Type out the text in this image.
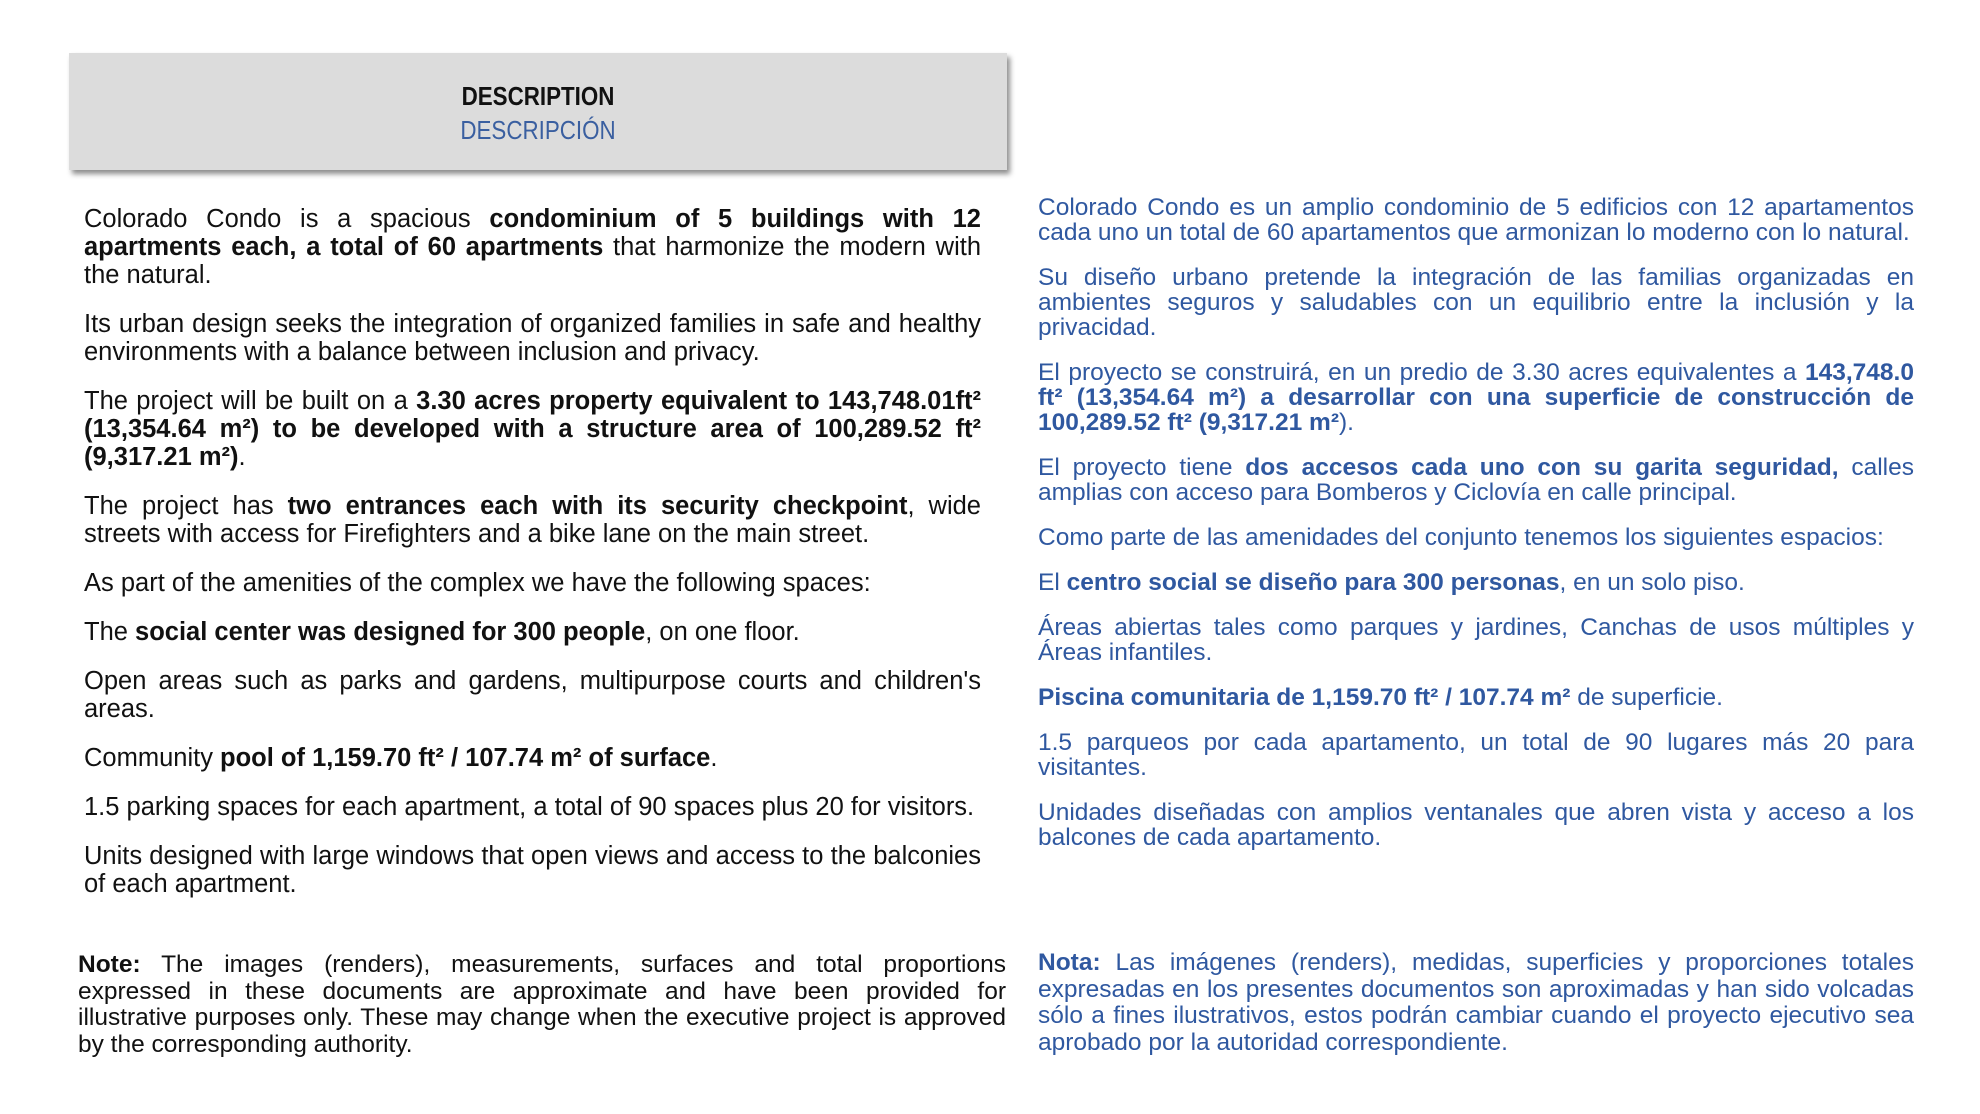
DESCRIPTION
DESCRIPCIÓN

Colorado Condo is a spacious condominium of 5 buildings with 12 apartments each, a total of 60 apartments that harmonize the modern with the natural.

Its urban design seeks the integration of organized families in safe and healthy environments with a balance between inclusion and privacy.

The project will be built on a 3.30 acres property equivalent to 143,748.01ft² (13,354.64 m²) to be developed with a structure area of 100,289.52 ft² (9,317.21 m²).

The project has two entrances each with its security checkpoint, wide streets with access for Firefighters and a bike lane on the main street.

As part of the amenities of the complex we have the following spaces:

The social center was designed for 300 people, on one floor.

Open areas such as parks and gardens, multipurpose courts and children's areas.

Community pool of 1,159.70 ft² / 107.74 m² of surface.

1.5 parking spaces for each apartment, a total of 90 spaces plus 20 for visitors.

Units designed with large windows that open views and access to the balconies of each apartment.

Note: The images (renders), measurements, surfaces and total proportions expressed in these documents are approximate and have been provided for illustrative purposes only. These may change when the executive project is approved by the corresponding authority.

Colorado Condo es un amplio condominio de 5 edificios con 12 apartamentos cada uno un total de 60 apartamentos que armonizan lo moderno con lo natural.

Su diseño urbano pretende la integración de las familias organizadas en ambientes seguros y saludables con un equilibrio entre la inclusión y la privacidad.

El proyecto se construirá, en un predio de 3.30 acres equivalentes a 143,748.0 ft² (13,354.64 m²) a desarrollar con una superficie de construcción de 100,289.52 ft² (9,317.21 m²).

El proyecto tiene dos accesos cada uno con su garita seguridad, calles amplias con acceso para Bomberos y Ciclovía en calle principal.

Como parte de las amenidades del conjunto tenemos los siguientes espacios:

El centro social se diseño para 300 personas, en un solo piso.

Áreas abiertas tales como parques y jardines, Canchas de usos múltiples y Áreas infantiles.

Piscina comunitaria de 1,159.70 ft² / 107.74 m² de superficie.

1.5 parqueos por cada apartamento, un total de 90 lugares más 20 para visitantes.

Unidades diseñadas con amplios ventanales que abren vista y acceso a los balcones de cada apartamento.

Nota: Las imágenes (renders), medidas, superficies y proporciones totales expresadas en los presentes documentos son aproximadas y han sido volcadas sólo a fines ilustrativos, estos podrán cambiar cuando el proyecto ejecutivo sea aprobado por la autoridad correspondiente.
